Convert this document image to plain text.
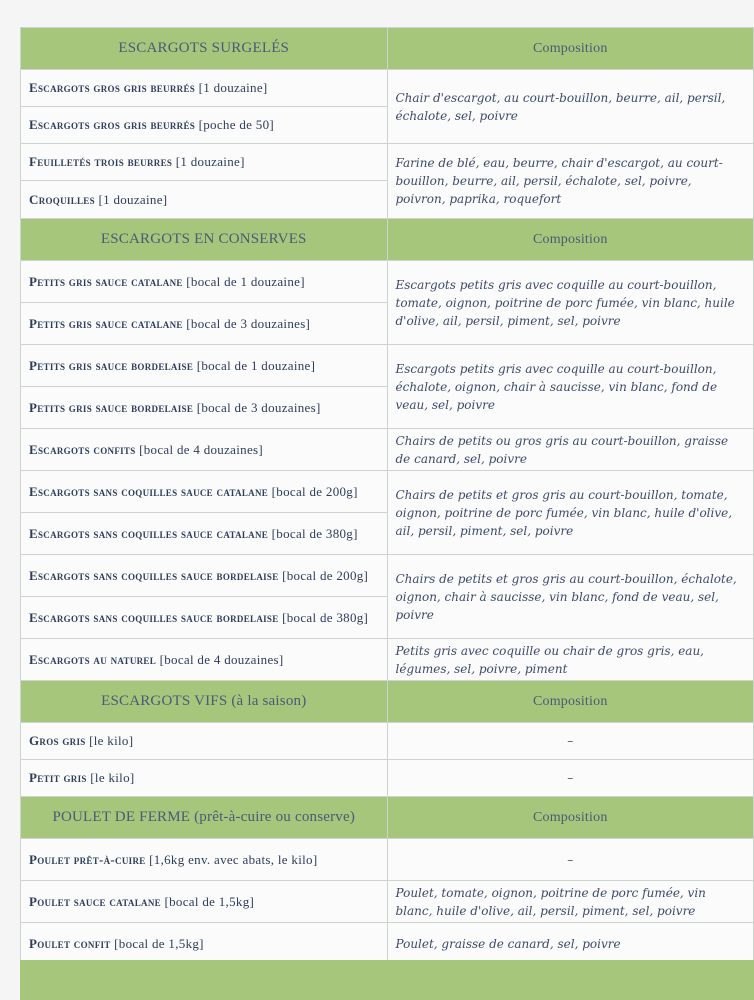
ESCARGOTS SURGELÉS	Composition
Escargots gros gris beurrés [1 douzaine]	Chair d'escargot, au court-bouillon, beurre, ail, persil, échalote, sel, poivre
Escargots gros gris beurrés [poche de 50]	
Feuilletés trois beurres [1 douzaine]	Farine de blé, eau, beurre, chair d'escargot, au court-bouillon, beurre, ail, persil, échalote, sel, poivre, poivron, paprika, roquefort
Croquilles [1 douzaine]	
ESCARGOTS EN CONSERVES	Composition
Petits gris sauce catalane [bocal de 1 douzaine]	Escargots petits gris avec coquille au court-bouillon, tomate, oignon, poitrine de porc fumée, vin blanc, huile d'olive, ail, persil, piment, sel, poivre
Petits gris sauce catalane [bocal de 3 douzaines]	
Petits gris sauce bordelaise [bocal de 1 douzaine]	Escargots petits gris avec coquille au court-bouillon, échalote, oignon, chair à saucisse, vin blanc, fond de veau, sel, poivre
Petits gris sauce bordelaise [bocal de 3 douzaines]	
Escargots confits [bocal de 4 douzaines]	Chairs de petits ou gros gris au court-bouillon, graisse de canard, sel, poivre
Escargots sans coquilles sauce catalane [bocal de 200g]	Chairs de petits et gros gris au court-bouillon, tomate, oignon, poitrine de porc fumée, vin blanc, huile d'olive, ail, persil, piment, sel, poivre
Escargots sans coquilles sauce catalane [bocal de 380g]	
Escargots sans coquilles sauce bordelaise [bocal de 200g]	Chairs de petits et gros gris au court-bouillon, échalote, oignon, chair à saucisse, vin blanc, fond de veau, sel, poivre
Escargots sans coquilles sauce bordelaise [bocal de 380g]	
Escargots au naturel [bocal de 4 douzaines]	Petits gris avec coquille ou chair de gros gris, eau, légumes, sel, poivre, piment
ESCARGOTS VIFS (à la saison)	Composition
Gros gris [le kilo]	–
Petit gris [le kilo]	–
POULET DE FERME (prêt-à-cuire ou conserve)	Composition
Poulet prêt-à-cuire [1,6kg env. avec abats, le kilo]	–
Poulet sauce catalane [bocal de 1,5kg]	Poulet, tomate, oignon, poitrine de porc fumée, vin blanc, huile d'olive, ail, persil, piment, sel, poivre
Poulet confit [bocal de 1,5kg]	Poulet, graisse de canard, sel, poivre
